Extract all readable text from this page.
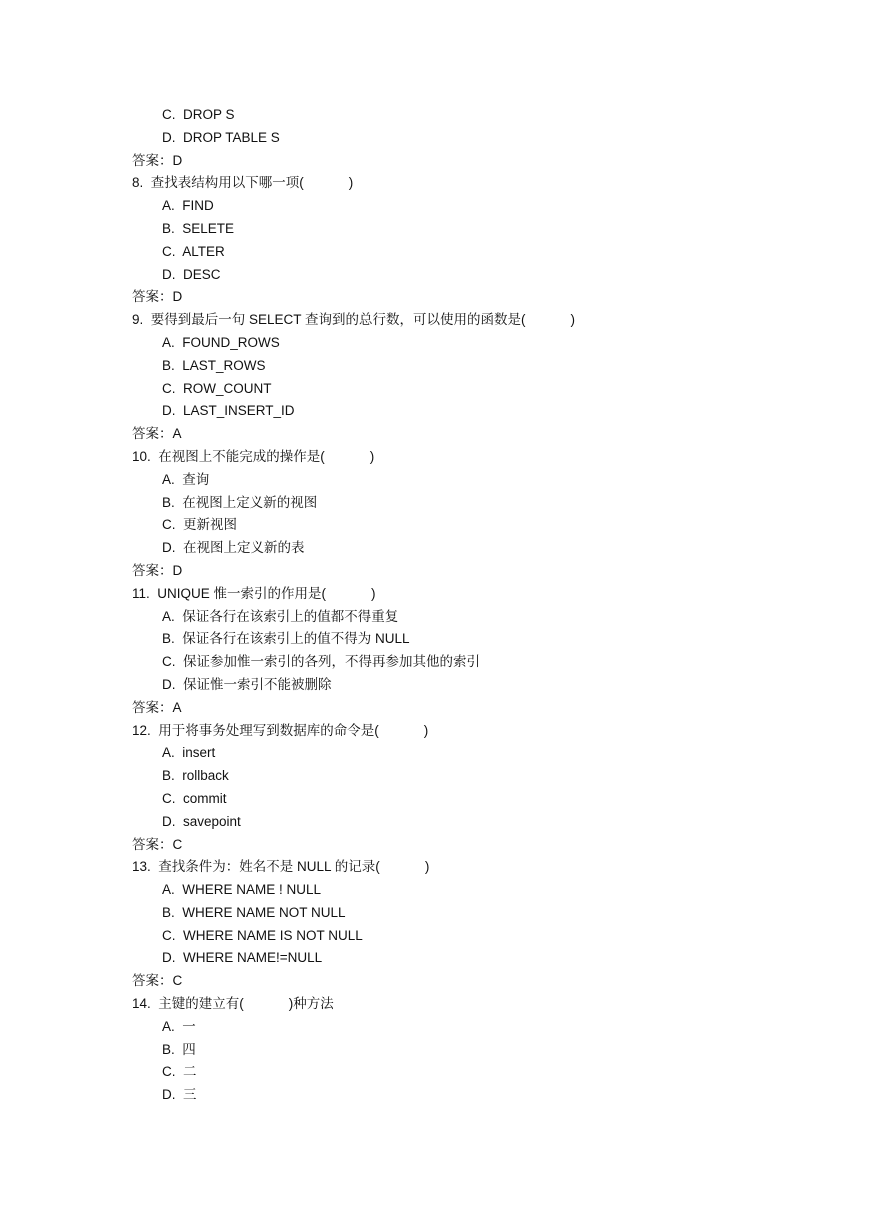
C. DROP S
D. DROP TABLE S
答案：D
8. 查找表结构用以下哪一项(            )
A. FIND
B. SELETE
C. ALTER
D. DESC
答案：D
9. 要得到最后一句 SELECT 查询到的总行数，可以使用的函数是(            )
A. FOUND_ROWS
B. LAST_ROWS
C. ROW_COUNT
D. LAST_INSERT_ID
答案：A
10. 在视图上不能完成的操作是(            )
A. 查询
B. 在视图上定义新的视图
C. 更新视图
D. 在视图上定义新的表
答案：D
11. UNIQUE 惟一索引的作用是(            )
A. 保证各行在该索引上的值都不得重复
B. 保证各行在该索引上的值不得为 NULL
C. 保证参加惟一索引的各列，不得再参加其他的索引
D. 保证惟一索引不能被删除
答案：A
12. 用于将事务处理写到数据库的命令是(            )
A. insert
B. rollback
C. commit
D. savepoint
答案：C
13. 查找条件为：姓名不是 NULL 的记录(            )
A. WHERE NAME ! NULL
B. WHERE NAME NOT NULL
C. WHERE NAME IS NOT NULL
D. WHERE NAME!=NULL
答案：C
14. 主键的建立有(            )种方法
A. 一
B. 四
C. 二
D. 三
